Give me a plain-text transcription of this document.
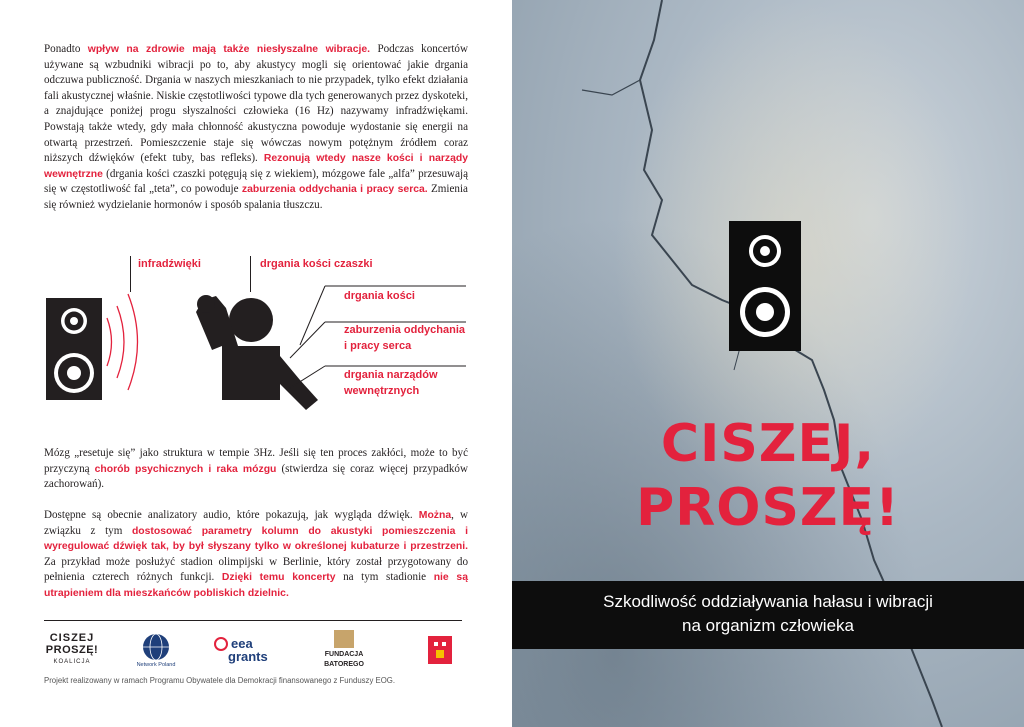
Ponadto wpływ na zdrowie mają także niesłyszalne wibracje. Podczas koncertów używane są wzbudniki wibracji po to, aby akustycy mogli się orientować jakie drgania odczuwa publiczność. Drgania w naszych mieszkaniach to nie przypadek, tylko efekt działania fali akustycznej właśnie. Niskie częstotliwości typowe dla tych generowanych przez dyskoteki, a znajdujące poniżej progu słyszalności człowieka (16 Hz) nazywamy infradźwiękami. Powstają także wtedy, gdy mała chłonność akustyczna powoduje wydostanie się energii na otwartą przestrzeń. Pomieszczenie staje się wówczas nowym potężnym źródłem coraz niższych dźwięków (efekt tuby, bas refleks). Rezonują wtedy nasze kości i narządy wewnętrzne (drgania kości czaszki potęgują się z wiekiem), mózgowe fale „alfa” przesuwają się w częstotliwość fal „teta”, co powoduje zaburzenia oddychania i pracy serca. Zmienia się również wydzielanie hormonów i sposób spalania tłuszczu.

infradźwięki	drgania kości czaszki
drgania kości
zaburzenia oddychania
i pracy serca
drgania narządów
wewnętrznych

Mózg „resetuje się” jako struktura w tempie 3Hz. Jeśli się ten proces zakłóci, może to być przyczyną chorób psychicznych i raka mózgu (stwierdza się coraz więcej przypadków zachorowań).

Dostępne są obecnie analizatory audio, które pokazują, jak wygląda dźwięk. Można, w związku z tym dostosować parametry kolumn do akustyki pomieszczenia i wyregulować dźwięk tak, by był słyszany tylko w określonej kubaturze i przestrzeni. Za przykład może posłużyć stadion olimpijski w Berlinie, który został przygotowany do pełnienia czterech różnych funkcji. Dzięki temu koncerty na tym stadionie nie są utrapieniem dla mieszkańców pobliskich dzielnic.

CISZEJ
PROSZĘ!
KOALICJA	Network Poland
eea
grants	FUNDACJA
BATOREGO
Projekt realizowany w ramach Programu Obywatele dla Demokracji finansowanego z Funduszy EOG.
CISZEJ,
PROSZĘ!
Szkodliwość oddziaływania hałasu i wibracji
na organizm człowieka
